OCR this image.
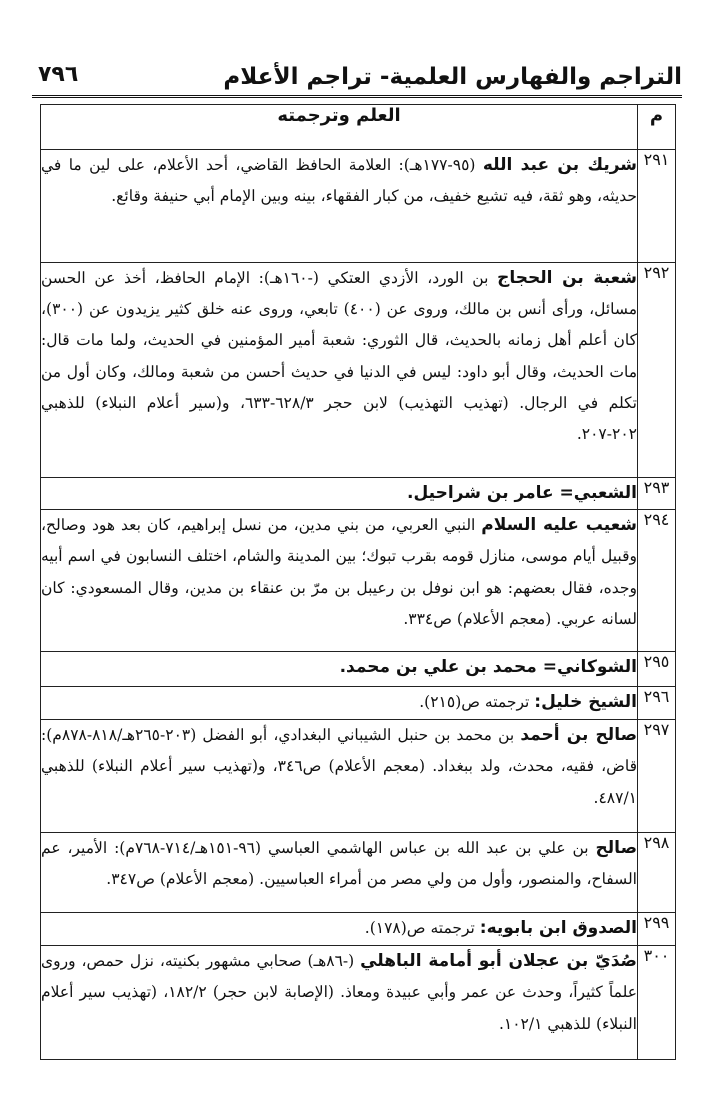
التراجم والفهارس العلمية- تراجم الأعلام
٧٩٦
م	العلم وترجمته
٢٩١	شريك بن عبد الله (٩٥-١٧٧هـ): العلامة الحافظ القاضي، أحد الأعلام، على لين ما في حديثه، وهو ثقة، فيه تشيع خفيف، من كبار الفقهاء، بينه وبين الإمام أبي حنيفة وقائع.
٢٩٢	شعبة بن الحجاج بن الورد، الأزدي العتكي (-١٦٠هـ): الإمام الحافظ، أخذ عن الحسن مسائل، ورأى أنس بن مالك، وروى عن (٤٠٠) تابعي، وروى عنه خلق كثير يزيدون عن (٣٠٠)، كان أعلم أهل زمانه بالحديث، قال الثوري: شعبة أمير المؤمنين في الحديث، ولما مات قال: مات الحديث، وقال أبو داود: ليس في الدنيا في حديث أحسن من شعبة ومالك، وكان أول من تكلم في الرجال. (تهذيب التهذيب) لابن حجر ٦٢٨/٣-٦٣٣، و(سير أعلام النبلاء) للذهبي ٢٠٢-٢٠٧.
٢٩٣	الشعبي= عامر بن شراحيل.
٢٩٤	شعيب عليه السلام النبي العربي، من بني مدين، من نسل إبراهيم، كان بعد هود وصالح، وقبيل أيام موسى، منازل قومه بقرب تبوك؛ بين المدينة والشام، اختلف النسابون في اسم أبيه وجده، فقال بعضهم: هو ابن نوفل بن رعيبل بن مرّ بن عنقاء بن مدين، وقال المسعودي: كان لسانه عربي. (معجم الأعلام) ص٣٣٤.
٢٩٥	الشوكاني= محمد بن علي بن محمد.
٢٩٦	الشيخ خليل: ترجمته ص(٢١٥).
٢٩٧	صالح بن أحمد بن محمد بن حنبل الشيباني البغدادي، أبو الفضل (٢٠٣-٢٦٥هـ/٨١٨-٨٧٨م): قاض، فقيه، محدث، ولد ببغداد. (معجم الأعلام) ص٣٤٦، و(تهذيب سير أعلام النبلاء) للذهبي ٤٨٧/١.
٢٩٨	صالح بن علي بن عبد الله بن عباس الهاشمي العباسي (٩٦-١٥١هـ/٧١٤-٧٦٨م): الأمير، عم السفاح، والمنصور، وأول من ولي مصر من أمراء العباسيين. (معجم الأعلام) ص٣٤٧.
٢٩٩	الصدوق ابن بابويه: ترجمته ص(١٧٨).
٣٠٠	صُدَيّ بن عجلان أبو أمامة الباهلي (-٨٦هـ) صحابي مشهور بكنيته، نزل حمص، وروى علماً كثيراً، وحدث عن عمر وأبي عبيدة ومعاذ. (الإصابة لابن حجر) ١٨٢/٢، (تهذيب سير أعلام النبلاء) للذهبي ١٠٢/١.
